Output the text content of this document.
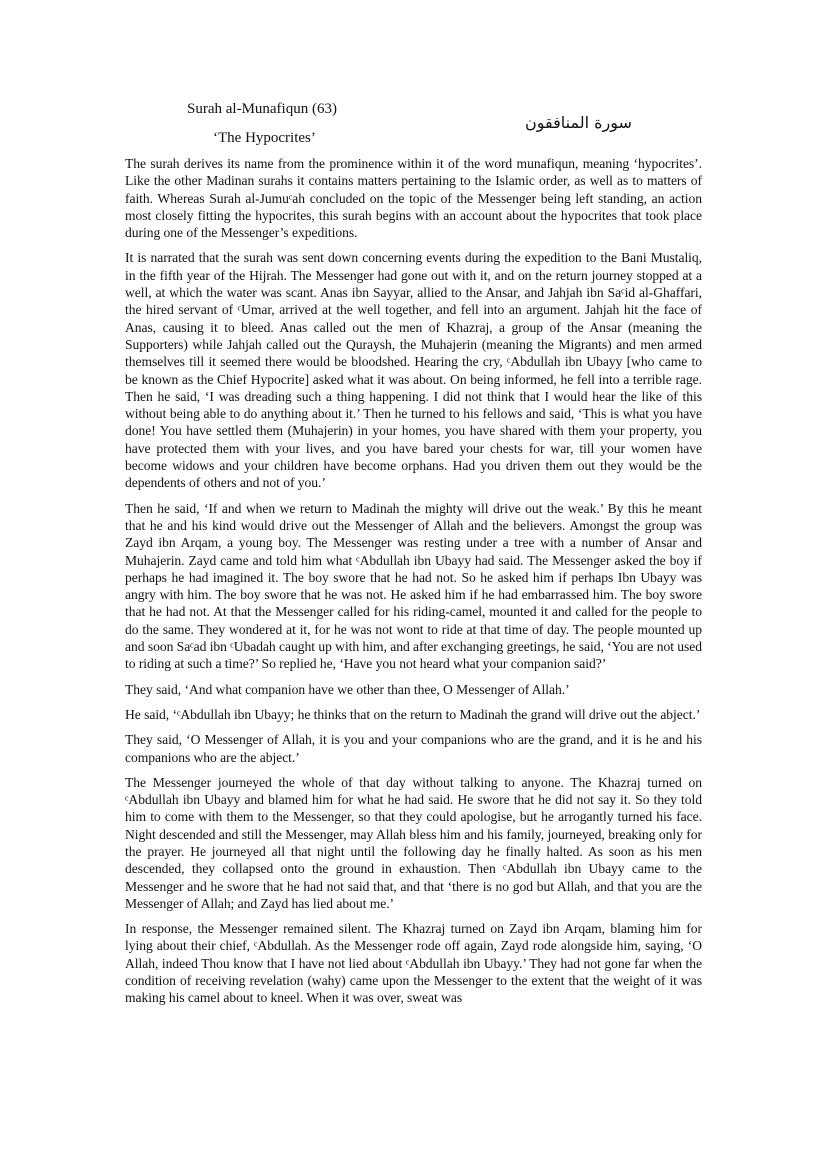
Surah al-Munafiqun (63)
‘The Hypocrites’
سورة المنافقون

The surah derives its name from the prominence within it of the word munafiqun, meaning ‘hypocrites’. Like the other Madinan surahs it contains matters pertaining to the Islamic order, as well as to matters of faith. Whereas Surah al-Jumuᶜah concluded on the topic of the Messenger being left standing, an action most closely fitting the hypocrites, this surah begins with an account about the hypocrites that took place during one of the Messenger’s expeditions.

It is narrated that the surah was sent down concerning events during the expedition to the Bani Mustaliq, in the fifth year of the Hijrah. The Messenger had gone out with it, and on the return journey stopped at a well, at which the water was scant. Anas ibn Sayyar, allied to the Ansar, and Jahjah ibn Saᶜid al-Ghaffari, the hired servant of ᶜUmar, arrived at the well together, and fell into an argument. Jahjah hit the face of Anas, causing it to bleed. Anas called out the men of Khazraj, a group of the Ansar (meaning the Supporters) while Jahjah called out the Quraysh, the Muhajerin (meaning the Migrants) and men armed themselves till it seemed there would be bloodshed. Hearing the cry, ᶜAbdullah ibn Ubayy [who came to be known as the Chief Hypocrite] asked what it was about. On being informed, he fell into a terrible rage. Then he said, ‘I was dreading such a thing happening. I did not think that I would hear the like of this without being able to do anything about it.’ Then he turned to his fellows and said, ‘This is what you have done! You have settled them (Muhajerin) in your homes, you have shared with them your property, you have protected them with your lives, and you have bared your chests for war, till your women have become widows and your children have become orphans. Had you driven them out they would be the dependents of others and not of you.’

Then he said, ‘If and when we return to Madinah the mighty will drive out the weak.’ By this he meant that he and his kind would drive out the Messenger of Allah and the believers. Amongst the group was Zayd ibn Arqam, a young boy. The Messenger was resting under a tree with a number of Ansar and Muhajerin. Zayd came and told him what ᶜAbdullah ibn Ubayy had said. The Messenger asked the boy if perhaps he had imagined it. The boy swore that he had not. So he asked him if perhaps Ibn Ubayy was angry with him. The boy swore that he was not. He asked him if he had embarrassed him. The boy swore that he had not. At that the Messenger called for his riding-camel, mounted it and called for the people to do the same. They wondered at it, for he was not wont to ride at that time of day. The people mounted up and soon Saᶜad ibn ᶜUbadah caught up with him, and after exchanging greetings, he said, ‘You are not used to riding at such a time?’ So replied he, ‘Have you not heard what your companion said?’

They said, ‘And what companion have we other than thee, O Messenger of Allah.’

He said, ‘ᶜAbdullah ibn Ubayy; he thinks that on the return to Madinah the grand will drive out the abject.’

They said, ‘O Messenger of Allah, it is you and your companions who are the grand, and it is he and his companions who are the abject.’

The Messenger journeyed the whole of that day without talking to anyone. The Khazraj turned on ᶜAbdullah ibn Ubayy and blamed him for what he had said. He swore that he did not say it. So they told him to come with them to the Messenger, so that they could apologise, but he arrogantly turned his face. Night descended and still the Messenger, may Allah bless him and his family, journeyed, breaking only for the prayer. He journeyed all that night until the following day he finally halted. As soon as his men descended, they collapsed onto the ground in exhaustion. Then ᶜAbdullah ibn Ubayy came to the Messenger and he swore that he had not said that, and that ‘there is no god but Allah, and that you are the Messenger of Allah; and Zayd has lied about me.’

In response, the Messenger remained silent. The Khazraj turned on Zayd ibn Arqam, blaming him for lying about their chief, ᶜAbdullah. As the Messenger rode off again, Zayd rode alongside him, saying, ‘O Allah, indeed Thou know that I have not lied about ᶜAbdullah ibn Ubayy.’ They had not gone far when the condition of receiving revelation (wahy) came upon the Messenger to the extent that the weight of it was making his camel about to kneel. When it was over, sweat was
